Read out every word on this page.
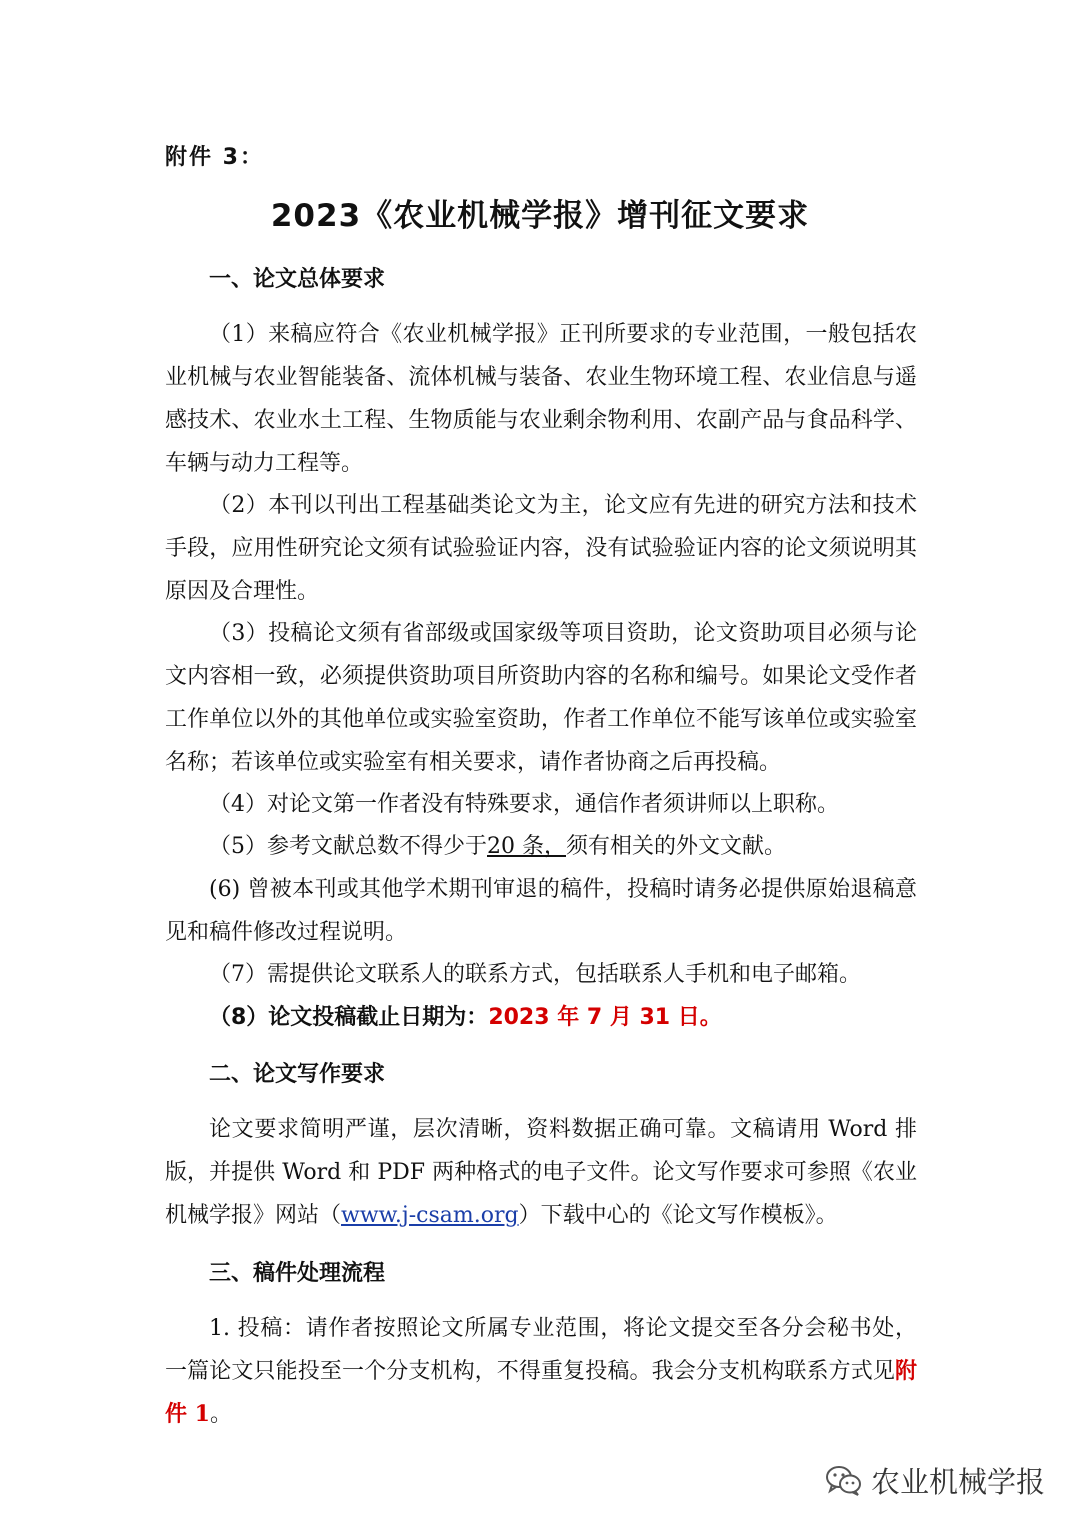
附件 3：

2023《农业机械学报》增刊征文要求
一、论文总体要求

（1）来稿应符合《农业机械学报》正刊所要求的专业范围，一般包括农业机械与农业智能装备、流体机械与装备、农业生物环境工程、农业信息与遥感技术、农业水土工程、生物质能与农业剩余物利用、农副产品与食品科学、车辆与动力工程等。

（2）本刊以刊出工程基础类论文为主，论文应有先进的研究方法和技术手段，应用性研究论文须有试验验证内容，没有试验验证内容的论文须说明其原因及合理性。

（3）投稿论文须有省部级或国家级等项目资助，论文资助项目必须与论文内容相一致，必须提供资助项目所资助内容的名称和编号。如果论文受作者工作单位以外的其他单位或实验室资助，作者工作单位不能写该单位或实验室名称；若该单位或实验室有相关要求，请作者协商之后再投稿。

（4）对论文第一作者没有特殊要求，通信作者须讲师以上职称。

（5）参考文献总数不得少于20 条，须有相关的外文文献。

(6) 曾被本刊或其他学术期刊审退的稿件，投稿时请务必提供原始退稿意见和稿件修改过程说明。

（7）需提供论文联系人的联系方式，包括联系人手机和电子邮箱。

（8）论文投稿截止日期为：2023 年 7 月 31 日。

二、论文写作要求

论文要求简明严谨，层次清晰，资料数据正确可靠。文稿请用 Word 排版，并提供 Word 和 PDF 两种格式的电子文件。论文写作要求可参照《农业机械学报》网站（www.j-csam.org）下载中心的《论文写作模板》。

三、稿件处理流程

1. 投稿：请作者按照论文所属专业范围，将论文提交至各分会秘书处，一篇论文只能投至一个分支机构，不得重复投稿。我会分支机构联系方式见附件 1。

农业机械学报
